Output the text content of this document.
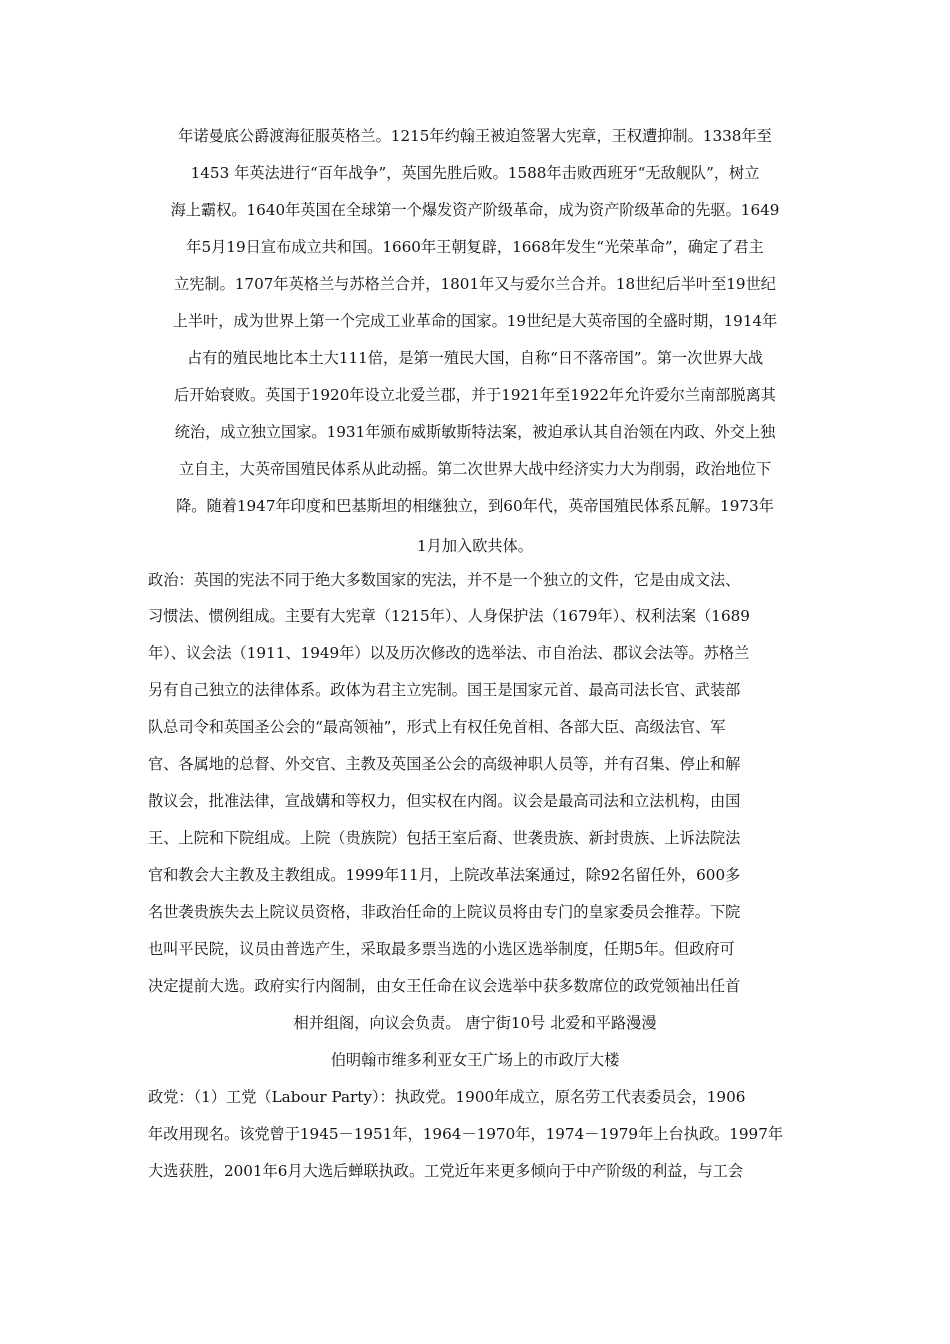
年诺曼底公爵渡海征服英格兰。1215年约翰王被迫签署大宪章，王权遭抑制。1338年至
1453 年英法进行“百年战争”，英国先胜后败。1588年击败西班牙“无敌舰队”，树立
海上霸权。1640年英国在全球第一个爆发资产阶级革命，成为资产阶级革命的先驱。1649
年5月19日宣布成立共和国。1660年王朝复辟，1668年发生“光荣革命”，确定了君主
立宪制。1707年英格兰与苏格兰合并，1801年又与爱尔兰合并。18世纪后半叶至19世纪
上半叶，成为世界上第一个完成工业革命的国家。19世纪是大英帝国的全盛时期，1914年
占有的殖民地比本土大111倍，是第一殖民大国，自称“日不落帝国”。第一次世界大战
后开始衰败。英国于1920年设立北爱兰郡，并于1921年至1922年允许爱尔兰南部脱离其
统治，成立独立国家。1931年颁布威斯敏斯特法案，被迫承认其自治领在内政、外交上独
立自主，大英帝国殖民体系从此动摇。第二次世界大战中经济实力大为削弱，政治地位下
降。随着1947年印度和巴基斯坦的相继独立，到60年代，英帝国殖民体系瓦解。1973年
1月加入欧共体。
政治：英国的宪法不同于绝大多数国家的宪法，并不是一个独立的文件，它是由成文法、
习惯法、惯例组成。主要有大宪章（1215年）、人身保护法（1679年）、权利法案（1689
年）、议会法（1911、1949年）以及历次修改的选举法、市自治法、郡议会法等。苏格兰
另有自己独立的法律体系。政体为君主立宪制。国王是国家元首、最高司法长官、武装部
队总司令和英国圣公会的“最高领袖”，形式上有权任免首相、各部大臣、高级法官、军
官、各属地的总督、外交官、主教及英国圣公会的高级神职人员等，并有召集、停止和解
散议会，批准法律，宣战媾和等权力，但实权在内阁。议会是最高司法和立法机构，由国
王、上院和下院组成。上院（贵族院）包括王室后裔、世袭贵族、新封贵族、上诉法院法
官和教会大主教及主教组成。1999年11月，上院改革法案通过，除92名留任外，600多
名世袭贵族失去上院议员资格，非政治任命的上院议员将由专门的皇家委员会推荐。下院
也叫平民院，议员由普选产生，采取最多票当选的小选区选举制度，任期5年。但政府可
决定提前大选。政府实行内阁制，由女王任命在议会选举中获多数席位的政党领袖出任首
相并组阁，向议会负责。 唐宁街10号 北爱和平路漫漫
伯明翰市维多利亚女王广场上的市政厅大楼
政党：（1）工党（Labour Party）：执政党。1900年成立，原名劳工代表委员会，1906
年改用现名。该党曾于1945－1951年，1964－1970年，1974－1979年上台执政。1997年
大选获胜，2001年6月大选后蝉联执政。工党近年来更多倾向于中产阶级的利益，与工会
